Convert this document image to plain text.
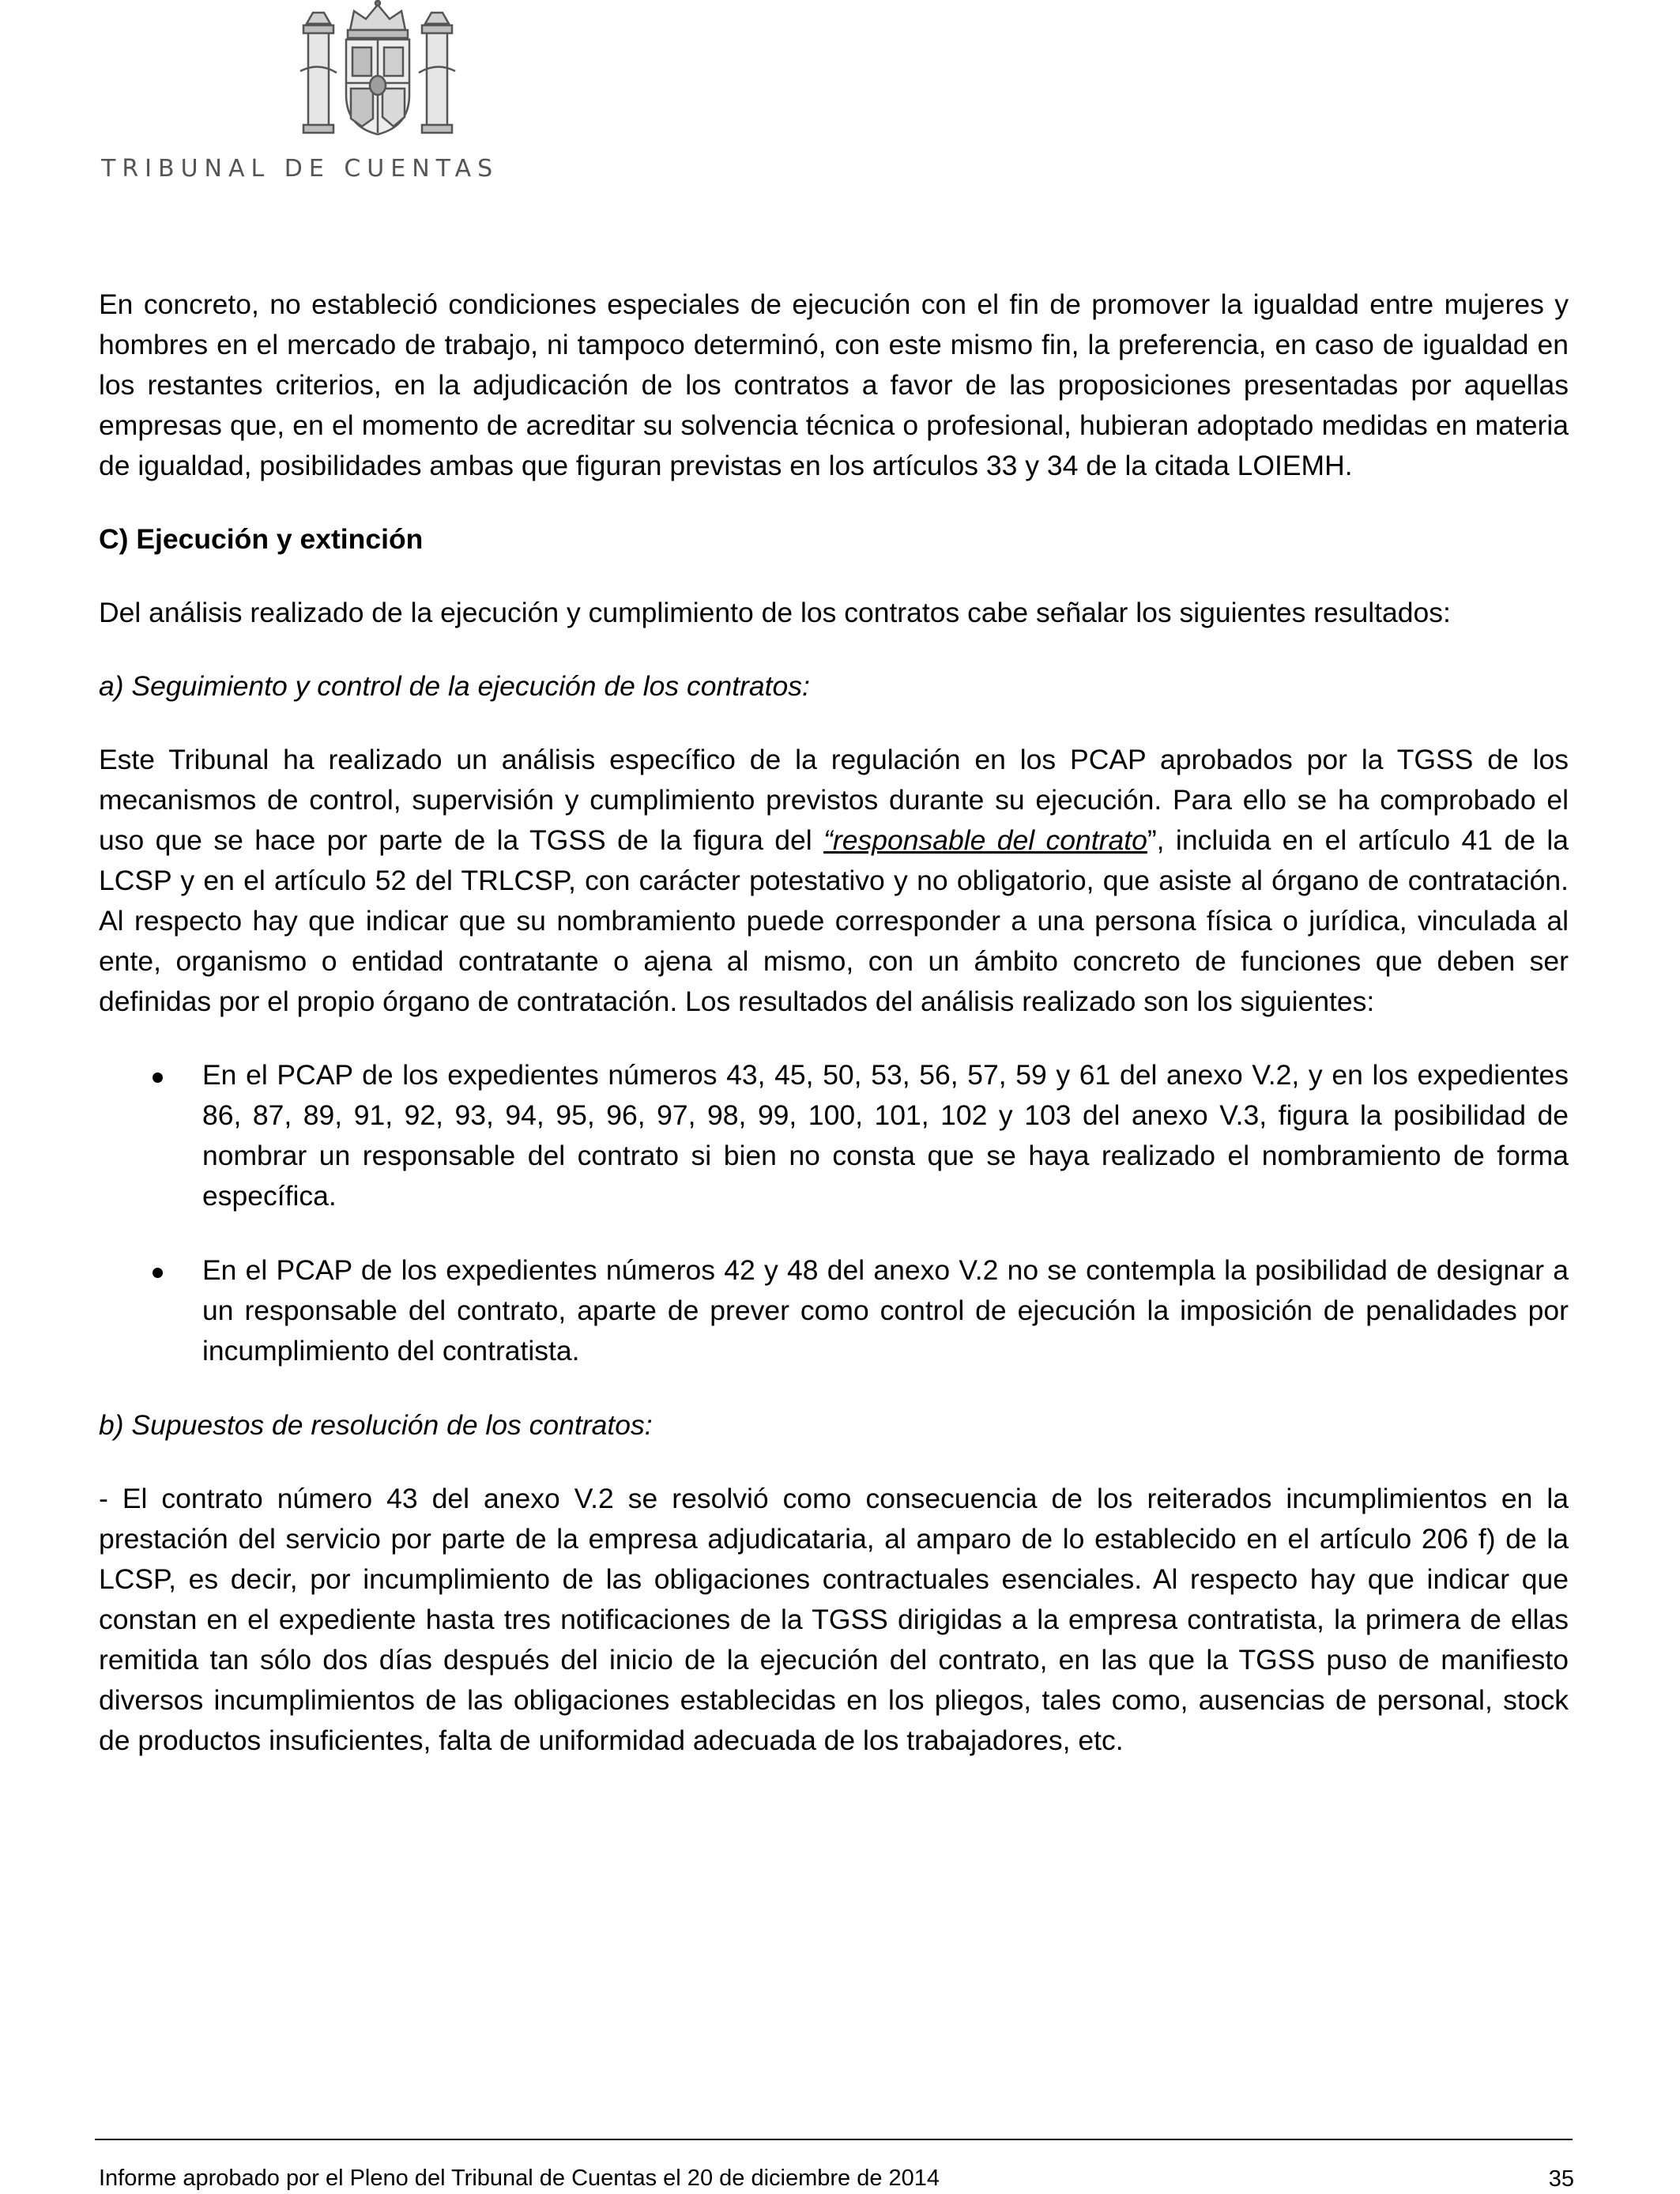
TRIBUNAL DE CUENTAS

En concreto, no estableció condiciones especiales de ejecución con el fin de promover la igualdad entre mujeres y hombres en el mercado de trabajo, ni tampoco determinó, con este mismo fin, la preferencia, en caso de igualdad en los restantes criterios, en la adjudicación de los contratos a favor de las proposiciones presentadas por aquellas empresas que, en el momento de acreditar su solvencia técnica o profesional, hubieran adoptado medidas en materia de igualdad, posibilidades ambas que figuran previstas en los artículos 33 y 34 de la citada LOIEMH.

C) Ejecución y extinción

Del análisis realizado de la ejecución y cumplimiento de los contratos cabe señalar los siguientes resultados:

a) Seguimiento y control de la ejecución de los contratos:

Este Tribunal ha realizado un análisis específico de la regulación en los PCAP aprobados por la TGSS de los mecanismos de control, supervisión y cumplimiento previstos durante su ejecución. Para ello se ha comprobado el uso que se hace por parte de la TGSS de la figura del “responsable del contrato”, incluida en el artículo 41 de la LCSP y en el artículo 52 del TRLCSP, con carácter potestativo y no obligatorio, que asiste al órgano de contratación. Al respecto hay que indicar que su nombramiento puede corresponder a una persona física o jurídica, vinculada al ente, organismo o entidad contratante o ajena al mismo, con un ámbito concreto de funciones que deben ser definidas por el propio órgano de contratación. Los resultados del análisis realizado son los siguientes:

En el PCAP de los expedientes números 43, 45, 50, 53, 56, 57, 59 y 61 del anexo V.2, y en los expedientes 86, 87, 89, 91, 92, 93, 94, 95, 96, 97, 98, 99, 100, 101, 102 y 103 del anexo V.3, figura la posibilidad de nombrar un responsable del contrato si bien no consta que se haya realizado el nombramiento de forma específica.
En el PCAP de los expedientes números 42 y 48 del anexo V.2 no se contempla la posibilidad de designar a un responsable del contrato, aparte de prever como control de ejecución la imposición de penalidades por incumplimiento del contratista.

b) Supuestos de resolución de los contratos:

- El contrato número 43 del anexo V.2 se resolvió como consecuencia de los reiterados incumplimientos en la prestación del servicio por parte de la empresa adjudicataria, al amparo de lo establecido en el artículo 206 f) de la LCSP, es decir, por incumplimiento de las obligaciones contractuales esenciales. Al respecto hay que indicar que constan en el expediente hasta tres notificaciones de la TGSS dirigidas a la empresa contratista, la primera de ellas remitida tan sólo dos días después del inicio de la ejecución del contrato, en las que la TGSS puso de manifiesto diversos incumplimientos de las obligaciones establecidas en los pliegos, tales como, ausencias de personal, stock de productos insuficientes, falta de uniformidad adecuada de los trabajadores, etc.

35
Informe aprobado por el Pleno del Tribunal de Cuentas el 20 de diciembre de 2014
